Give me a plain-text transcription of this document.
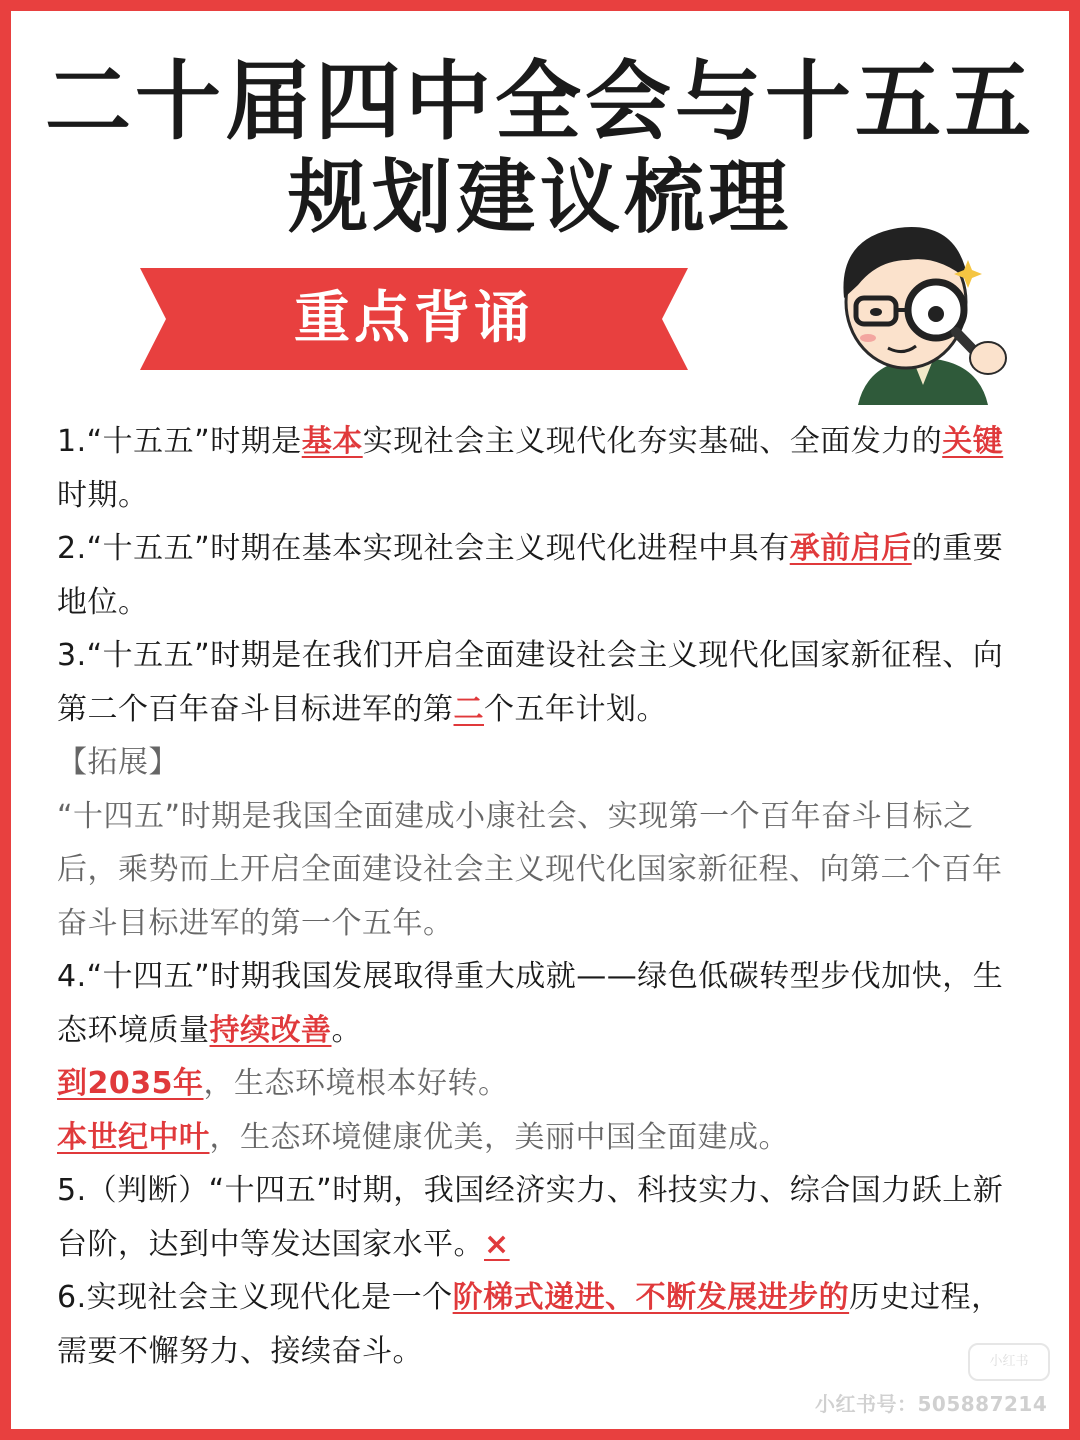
二十届四中全会与十五五
规划建议梳理
重点背诵

1.“十五五”时期是基本实现社会主义现代化夯实基础、全面发力的关键时期。

2.“十五五”时期在基本实现社会主义现代化进程中具有承前启后的重要地位。

3.“十五五”时期是在我们开启全面建设社会主义现代化国家新征程、向第二个百年奋斗目标进军的第二个五年计划。

【拓展】

“十四五”时期是我国全面建成小康社会、实现第一个百年奋斗目标之后，乘势而上开启全面建设社会主义现代化国家新征程、向第二个百年奋斗目标进军的第一个五年。

4.“十四五”时期我国发展取得重大成就——绿色低碳转型步伐加快，生态环境质量持续改善。

到2035年，生态环境根本好转。

本世纪中叶，生态环境健康优美，美丽中国全面建成。

5.（判断）“十四五”时期，我国经济实力、科技实力、综合国力跃上新台阶，达到中等发达国家水平。×

6.实现社会主义现代化是一个阶梯式递进、不断发展进步的历史过程，需要不懈努力、接续奋斗。	小红书
小红书号：505887214
